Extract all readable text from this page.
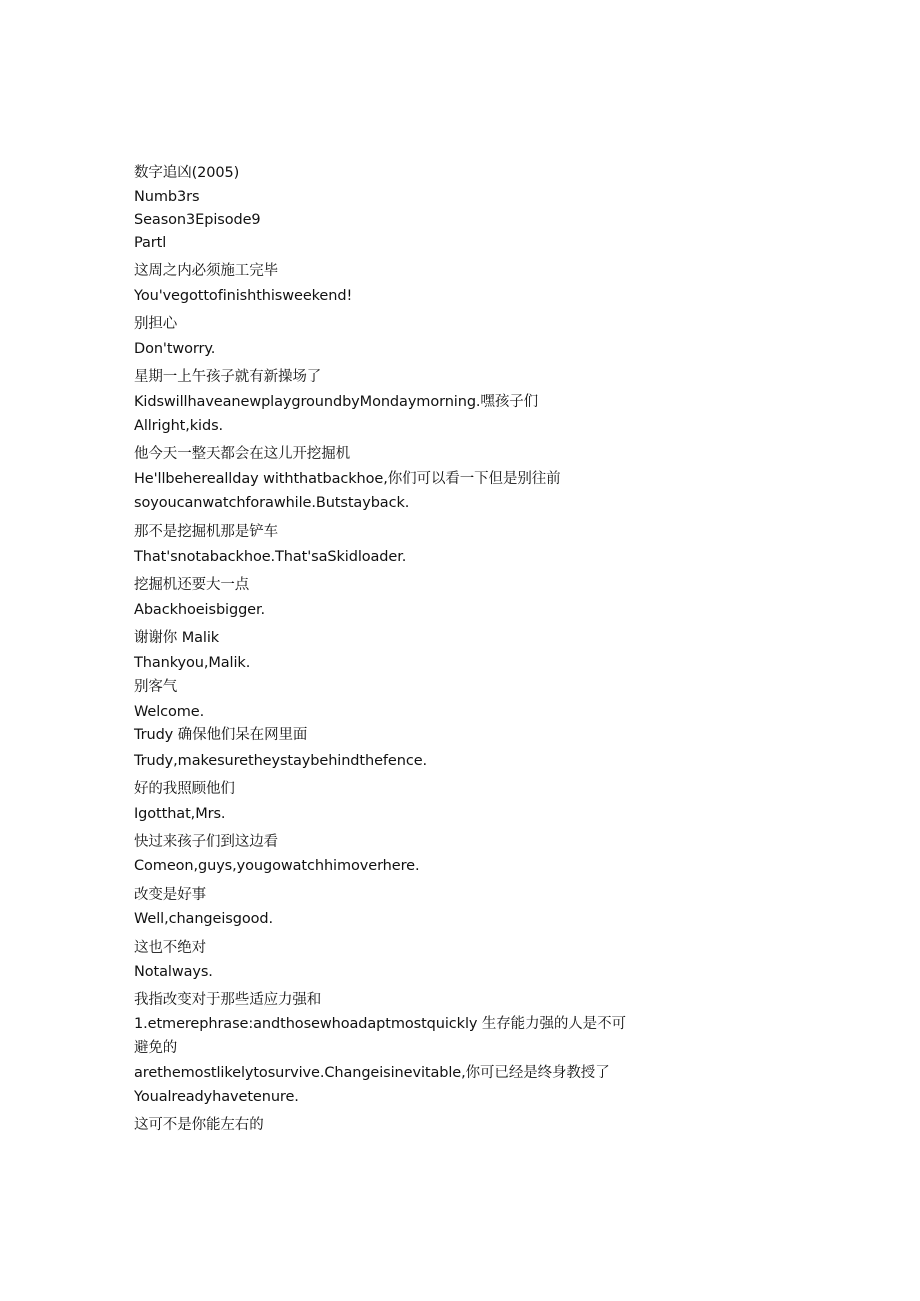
数字追凶(2005)
Numb3rs
Season3Episode9
Partl
这周之内必须施工完毕
You'vegottofinishthisweekend!
别担心
Don'tworry.
星期一上午孩子就有新操场了
KidswillhaveanewplaygroundbyMondaymorning.嘿孩子们
Allright,kids.
他今天一整天都会在这儿开挖掘机
He'llbehereallday withthatbackhoe,你们可以看一下但是别往前
soyoucanwatchforawhile.Butstayback.
那不是挖掘机那是铲车
That'snotabackhoe.That'saSkidloader.
挖掘机还要大一点
Abackhoeisbigger.
谢谢你 Malik
Thankyou,Malik.
别客气
Welcome.
Trudy 确保他们呆在网里面
Trudy,makesuretheystaybehindthefence.
好的我照顾他们
Igotthat,Mrs.
快过来孩子们到这边看
Comeon,guys,yougowatchhimoverhere.
改变是好事
Well,changeisgood.
这也不绝对
Notalways.
我指改变对于那些适应力强和
1.etmerephrase:andthosewhoadaptmostquickly 生存能力强的人是不可
避免的
arethemostlikelytosurvive.Changeisinevitable,你可已经是终身教授了
Youalreadyhavetenure.
这可不是你能左右的
